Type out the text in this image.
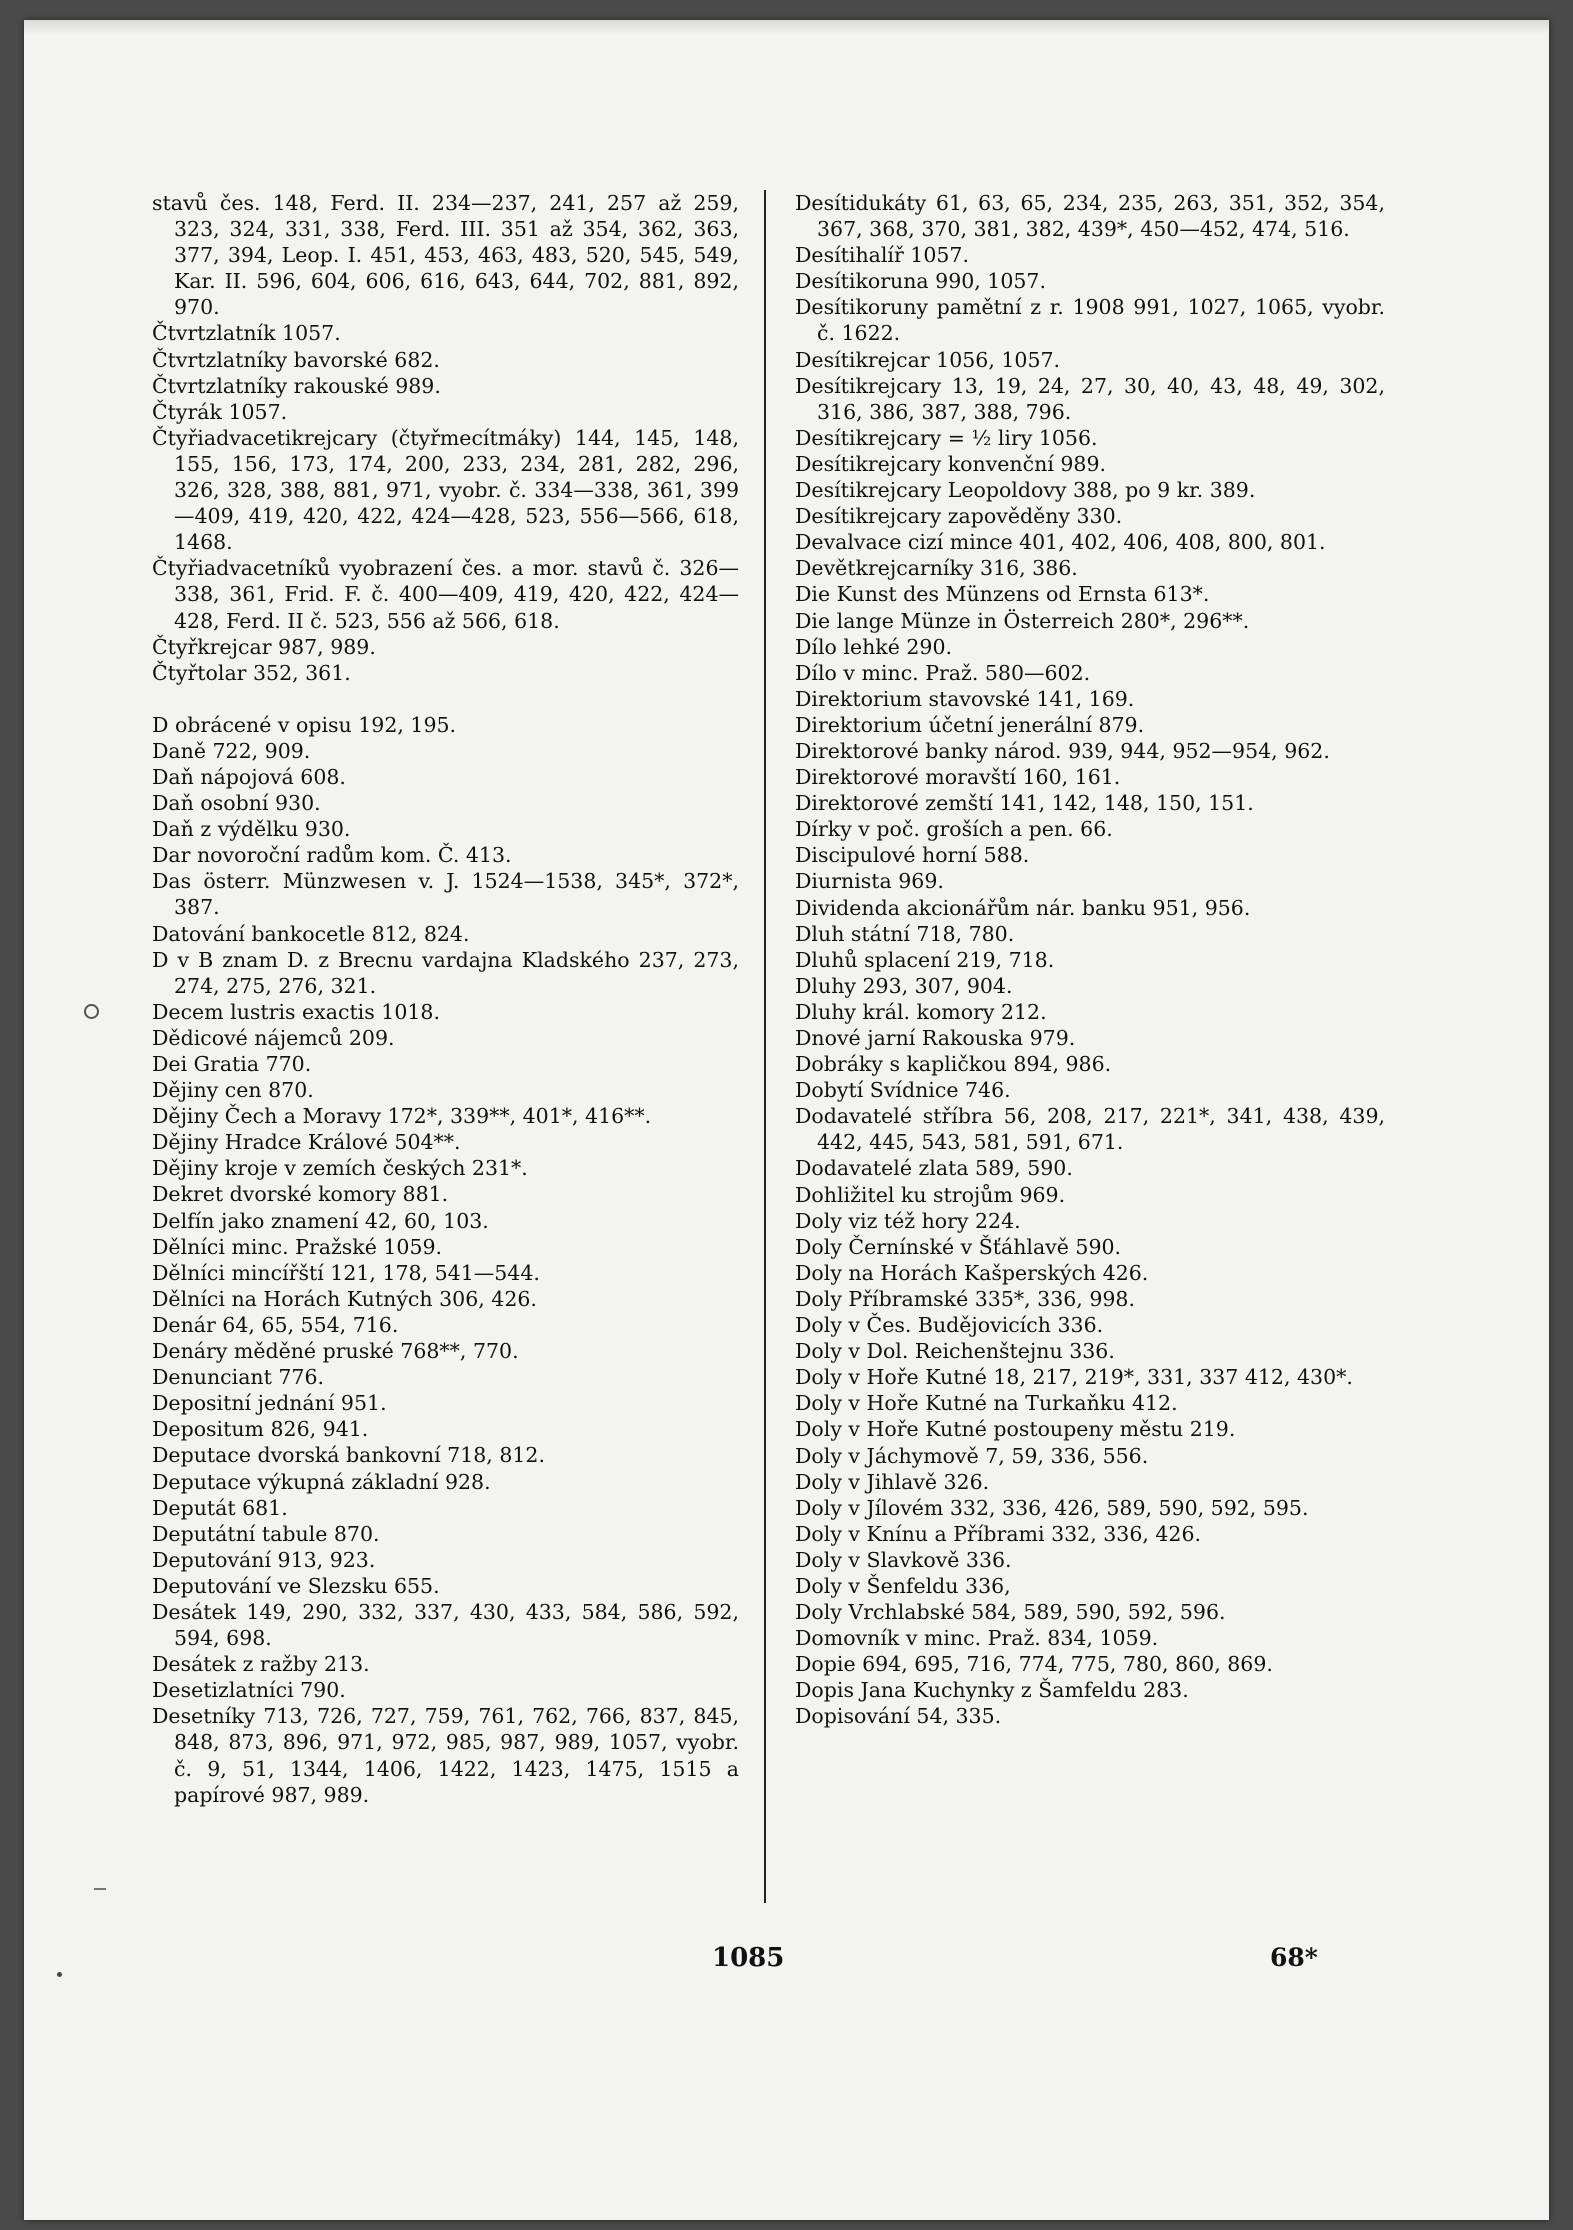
stavů čes. 148, Ferd. II. 234—237, 241, 257 až 259, 323, 324, 331, 338, Ferd. III. 351 až 354, 362, 363, 377, 394, Leop. I. 451, 453, 463, 483, 520, 545, 549, Kar. II. 596, 604, 606, 616, 643, 644, 702, 881, 892, 970.

Čtvrtzlatník 1057.

Čtvrtzlatníky bavorské 682.

Čtvrtzlatníky rakouské 989.

Čtyrák 1057.

Čtyřiadvacetikrejcary (čtyřmecítmáky) 144, 145, 148, 155, 156, 173, 174, 200, 233, 234, 281, 282, 296, 326, 328, 388, 881, 971, vyobr. č. 334—338, 361, 399—409, 419, 420, 422, 424—428, 523, 556—566, 618, 1468.

Čtyřiadvacetníků vyobrazení čes. a mor. stavů č. 326—338, 361, Frid. F. č. 400—409, 419, 420, 422, 424—428, Ferd. II č. 523, 556 až 566, 618.

Čtyřkrejcar 987, 989.

Čtyřtolar 352, 361.

D obrácené v opisu 192, 195.

Daně 722, 909.

Daň nápojová 608.

Daň osobní 930.

Daň z výdělku 930.

Dar novoroční radům kom. Č. 413.

Das österr. Münzwesen v. J. 1524—1538, 345*, 372*, 387.

Datování bankocetle 812, 824.

D v B znam D. z Brecnu vardajna Kladského 237, 273, 274, 275, 276, 321.

Decem lustris exactis 1018.

Dědicové nájemců 209.

Dei Gratia 770.

Dějiny cen 870.

Dějiny Čech a Moravy 172*, 339**, 401*, 416**.

Dějiny Hradce Králové 504**.

Dějiny kroje v zemích českých 231*.

Dekret dvorské komory 881.

Delfín jako znamení 42, 60, 103.

Dělníci minc. Pražské 1059.

Dělníci mincířští 121, 178, 541—544.

Dělníci na Horách Kutných 306, 426.

Denár 64, 65, 554, 716.

Denáry měděné pruské 768**, 770.

Denunciant 776.

Depositní jednání 951.

Depositum 826, 941.

Deputace dvorská bankovní 718, 812.

Deputace výkupná základní 928.

Deputát 681.

Deputátní tabule 870.

Deputování 913, 923.

Deputování ve Slezsku 655.

Desátek 149, 290, 332, 337, 430, 433, 584, 586, 592, 594, 698.

Desátek z ražby 213.

Desetizlatníci 790.

Desetníky 713, 726, 727, 759, 761, 762, 766, 837, 845, 848, 873, 896, 971, 972, 985, 987, 989, 1057, vyobr. č. 9, 51, 1344, 1406, 1422, 1423, 1475, 1515 a papírové 987, 989.

Desítidukáty 61, 63, 65, 234, 235, 263, 351, 352, 354, 367, 368, 370, 381, 382, 439*, 450—452, 474, 516.

Desítihalíř 1057.

Desítikoruna 990, 1057.

Desítikoruny pamětní z r. 1908 991, 1027, 1065, vyobr. č. 1622.

Desítikrejcar 1056, 1057.

Desítikrejcary 13, 19, 24, 27, 30, 40, 43, 48, 49, 302, 316, 386, 387, 388, 796.

Desítikrejcary = ½ liry 1056.

Desítikrejcary konvenční 989.

Desítikrejcary Leopoldovy 388, po 9 kr. 389.

Desítikrejcary zapověděny 330.

Devalvace cizí mince 401, 402, 406, 408, 800, 801.

Devětkrejcarníky 316, 386.

Die Kunst des Münzens od Ernsta 613*.

Die lange Münze in Österreich 280*, 296**.

Dílo lehké 290.

Dílo v minc. Praž. 580—602.

Direktorium stavovské 141, 169.

Direktorium účetní jenerální 879.

Direktorové banky národ. 939, 944, 952—954, 962.

Direktorové moravští 160, 161.

Direktorové zemští 141, 142, 148, 150, 151.

Dírky v poč. groších a pen. 66.

Discipulové horní 588.

Diurnista 969.

Dividenda akcionářům nár. banku 951, 956.

Dluh státní 718, 780.

Dluhů splacení 219, 718.

Dluhy 293, 307, 904.

Dluhy král. komory 212.

Dnové jarní Rakouska 979.

Dobráky s kapličkou 894, 986.

Dobytí Svídnice 746.

Dodavatelé stříbra 56, 208, 217, 221*, 341, 438, 439, 442, 445, 543, 581, 591, 671.

Dodavatelé zlata 589, 590.

Dohližitel ku strojům 969.

Doly viz též hory 224.

Doly Černínské v Šťáhlavě 590.

Doly na Horách Kašperských 426.

Doly Příbramské 335*, 336, 998.

Doly v Čes. Budějovicích 336.

Doly v Dol. Reichenštejnu 336.

Doly v Hoře Kutné 18, 217, 219*, 331, 337 412, 430*.

Doly v Hoře Kutné na Turkaňku 412.

Doly v Hoře Kutné postoupeny městu 219.

Doly v Jáchymově 7, 59, 336, 556.

Doly v Jihlavě 326.

Doly v Jílovém 332, 336, 426, 589, 590, 592, 595.

Doly v Knínu a Příbrami 332, 336, 426.

Doly v Slavkově 336.

Doly v Šenfeldu 336,

Doly Vrchlabské 584, 589, 590, 592, 596.

Domovník v minc. Praž. 834, 1059.

Dopie 694, 695, 716, 774, 775, 780, 860, 869.

Dopis Jana Kuchynky z Šamfeldu 283.

Dopisování 54, 335.

1085	68*
